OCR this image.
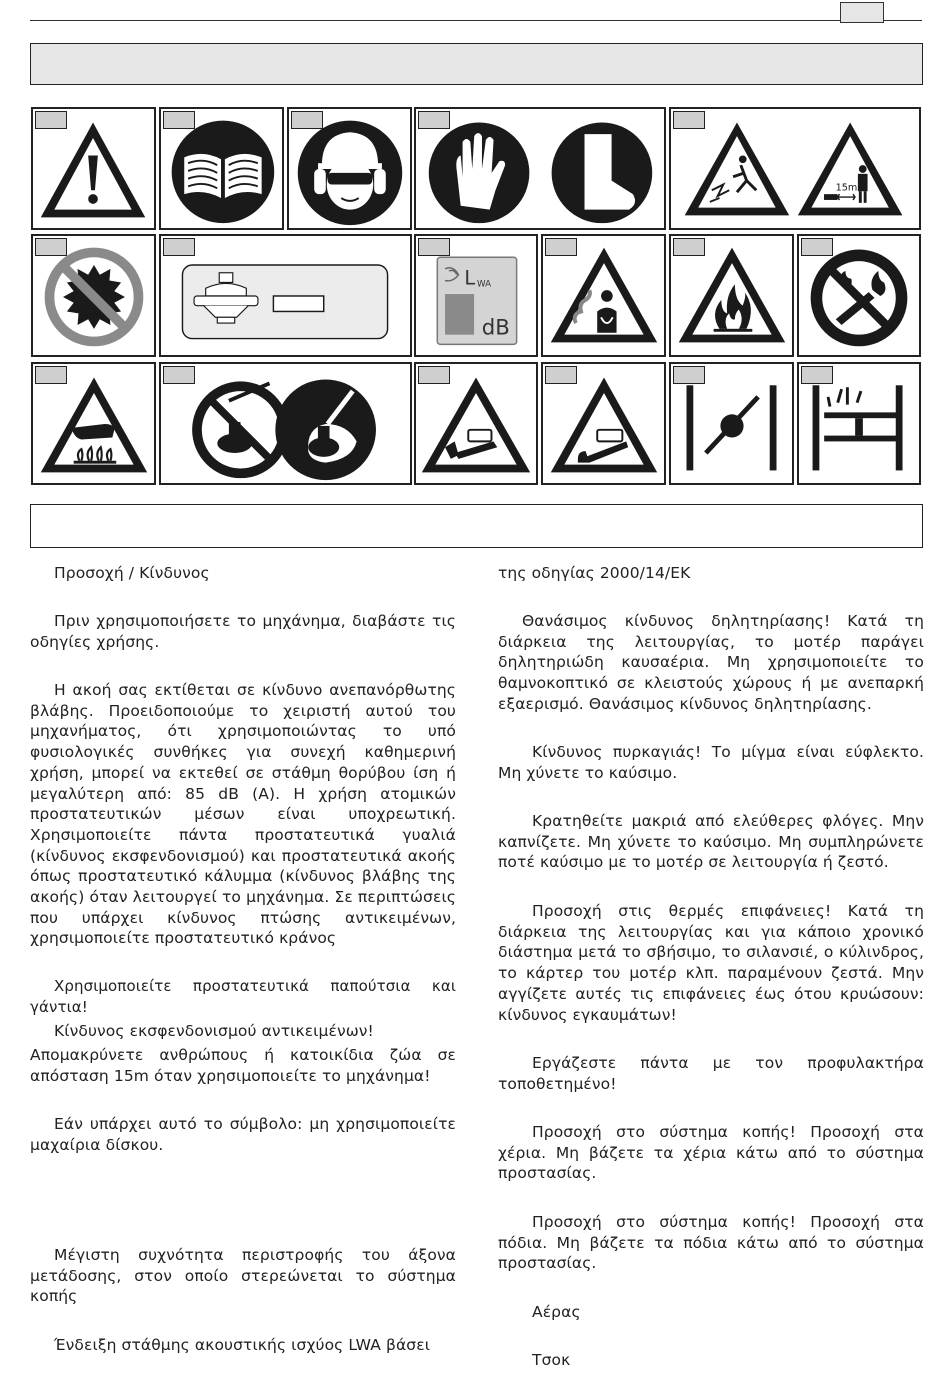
15m
L WA
dB
Προσοχή / Κίνδυνος
Πριν χρησιμοποιήσετε το μηχάνημα, διαβάστε τις οδηγίες χρήσης.
Η ακοή σας εκτίθεται σε κίνδυνο ανεπανόρθωτης βλάβης. Προειδοποιούμε το χειριστή αυτού του μηχανήματος, ότι χρησιμοποιώντας το υπό φυσιολογικές συνθήκες για συνεχή καθημερινή χρήση, μπορεί να εκτεθεί σε στάθμη θορύβου ίση ή μεγαλύτερη από: 85 dB (A). Η χρήση ατομικών προστατευτικών μέσων είναι υποχρεωτική. Χρησιμοποιείτε πάντα προστατευτικά γυαλιά (κίνδυνος εκσφενδονισμού) και προστατευτικά ακοής όπως προστατευτικό κάλυμμα (κίνδυνος βλάβης της ακοής) όταν λειτουργεί το μηχάνημα. Σε περιπτώσεις που υπάρχει κίνδυνος πτώσης αντικειμένων, χρησιμοποιείτε προστατευτικό κράνος
Χρησιμοποιείτε προστατευτικά παπούτσια και γάντια!
Κίνδυνος εκσφενδονισμού αντικειμένων!
Απομακρύνετε ανθρώπους ή κατοικίδια ζώα σε απόσταση 15m όταν χρησιμοποιείτε το μηχάνημα!
Εάν υπάρχει αυτό το σύμβολο: μη χρησιμοποιείτε μαχαίρια δίσκου.
Μέγιστη συχνότητα περιστροφής του άξονα μετάδοσης, στον οποίο στερεώνεται το σύστημα κοπής
Ένδειξη στάθμης ακουστικής ισχύος LWA βάσει
της οδηγίας 2000/14/ΕΚ
Θανάσιμος κίνδυνος δηλητηρίασης! Κατά τη διάρκεια της λειτουργίας, το μοτέρ παράγει δηλητηριώδη καυσαέρια. Μη χρησιμοποιείτε το θαμνοκοπτικό σε κλειστούς χώρους ή με ανεπαρκή εξαερισμό. Θανάσιμος κίνδυνος δηλητηρίασης.
Κίνδυνος πυρκαγιάς! Το μίγμα είναι εύφλεκτο. Μη χύνετε το καύσιμο.
Κρατηθείτε μακριά από ελεύθερες φλόγες. Μην καπνίζετε. Μη χύνετε το καύσιμο. Μη συμπληρώνετε ποτέ καύσιμο με το μοτέρ σε λειτουργία ή ζεστό.
Προσοχή στις θερμές επιφάνειες! Κατά τη διάρκεια της λειτουργίας και για κάποιο χρονικό διάστημα μετά το σβήσιμο, το σιλανσιέ, ο κύλινδρος, το κάρτερ του μοτέρ κλπ. παραμένουν ζεστά. Μην αγγίζετε αυτές τις επιφάνειες έως ότου κρυώσουν: κίνδυνος εγκαυμάτων!
Εργάζεστε πάντα με τον προφυλακτήρα τοποθετημένο!
Προσοχή στο σύστημα κοπής! Προσοχή στα χέρια. Μη βάζετε τα χέρια κάτω από το σύστημα προστασίας.
Προσοχή στο σύστημα κοπής! Προσοχή στα πόδια. Μη βάζετε τα πόδια κάτω από το σύστημα προστασίας.
Αέρας
Τσοκ
